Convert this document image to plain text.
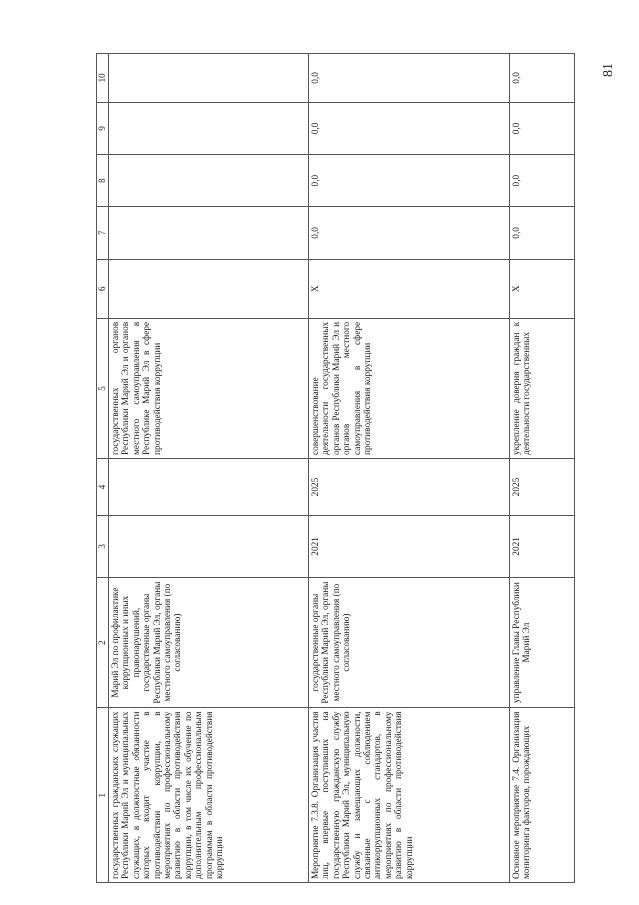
81
1	2	3	4	5	6	7	8	9	10
государственных гражданских служащих Республики Марий Эл и муниципальных служащих, в должностные обязанности которых входит участие в противодействии коррупции, в мероприятиях по профессиональному развитию в области противодействия коррупции, в том числе их обучение по дополнительным профессиональным программам в области противодействия коррупции	Марий Эл по профилактике коррупционных и иных правонарушений, государственные органы Республики Марий Эл, органы местного самоуправления (по согласованию)			государственных органов Республики Марий Эл и органов местного самоуправления в Республике Марий Эл в сфере противодействия коррупции					
Мероприятие 7.3.8. Организация участия лиц, впервые поступивших на государственную гражданскую службу Республики Марий Эл, муниципальную службу и замещающих должности, связанные с соблюдением антикоррупционных стандартов, в мероприятиях по профессиональному развитию в области противодействия коррупции	государственные органы Республики Марий Эл, органы местного самоуправления (по согласованию)	2021	2025	совершенствование деятельности государственных органов Республики Марий Эл и органов местного самоуправления в сфере противодействия коррупции	X	0,0	0,0	0,0	0,0
Основное мероприятие 7.4. Организация мониторинга факторов, порождающих	управление Главы Республики Марий Эл	2021	2025	укрепление доверия граждан к деятельности государственных	X	0,0	0,0	0,0	0,0
